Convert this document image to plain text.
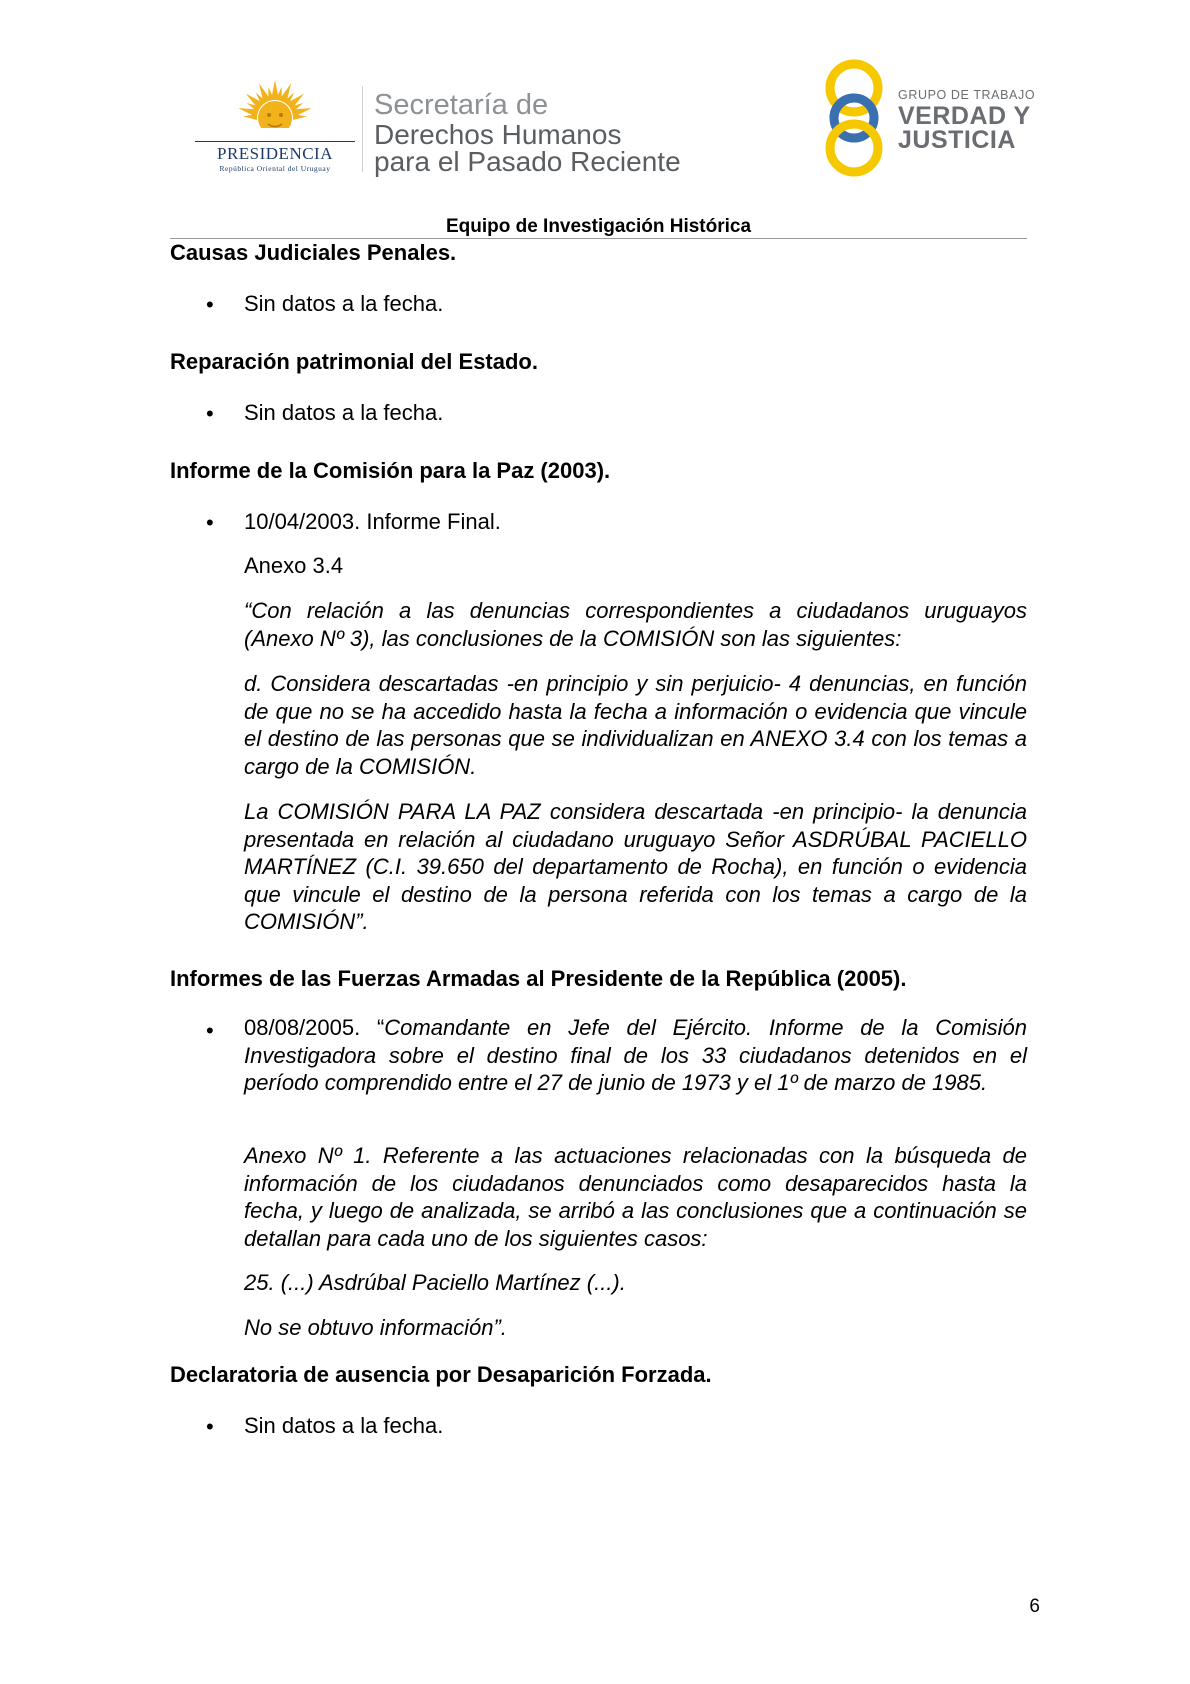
PRESIDENCIA
República Oriental del Uruguay
Secretaría de
Derechos Humanos
para el Pasado Reciente
GRUPO DE TRABAJO
VERDAD Y
JUSTICIA
Equipo de Investigación Histórica
Causas Judiciales Penales.
• Sin datos a la fecha.
Reparación patrimonial del Estado.
• Sin datos a la fecha.
Informe de la Comisión para la Paz (2003).
• 10/04/2003. Informe Final.
Anexo 3.4
“Con relación a las denuncias correspondientes a ciudadanos uruguayos (Anexo Nº 3), las conclusiones de la COMISIÓN son las siguientes:
d. Considera descartadas -en principio y sin perjuicio- 4 denuncias, en función de que no se ha accedido hasta la fecha a información o evidencia que vincule el destino de las personas que se individualizan en ANEXO 3.4 con los temas a cargo de la COMISIÓN.
La COMISIÓN PARA LA PAZ considera descartada -en principio- la denuncia presentada en relación al ciudadano uruguayo Señor ASDRÚBAL PACIELLO MARTÍNEZ (C.I. 39.650 del departamento de Rocha), en función o evidencia que vincule el destino de la persona referida con los temas a cargo de la COMISIÓN”.
Informes de las Fuerzas Armadas al Presidente de la República (2005).
• 08/08/2005. “Comandante en Jefe del Ejército. Informe de la Comisión Investigadora sobre el destino final de los 33 ciudadanos detenidos en el período comprendido entre el 27 de junio de 1973 y el 1º de marzo de 1985.
Anexo Nº 1. Referente a las actuaciones relacionadas con la búsqueda de información de los ciudadanos denunciados como desaparecidos hasta la fecha, y luego de analizada, se arribó a las conclusiones que a continuación se detallan para cada uno de los siguientes casos:
25. (...) Asdrúbal Paciello Martínez (...).
No se obtuvo información”.
Declaratoria de ausencia por Desaparición Forzada.
• Sin datos a la fecha.
6
